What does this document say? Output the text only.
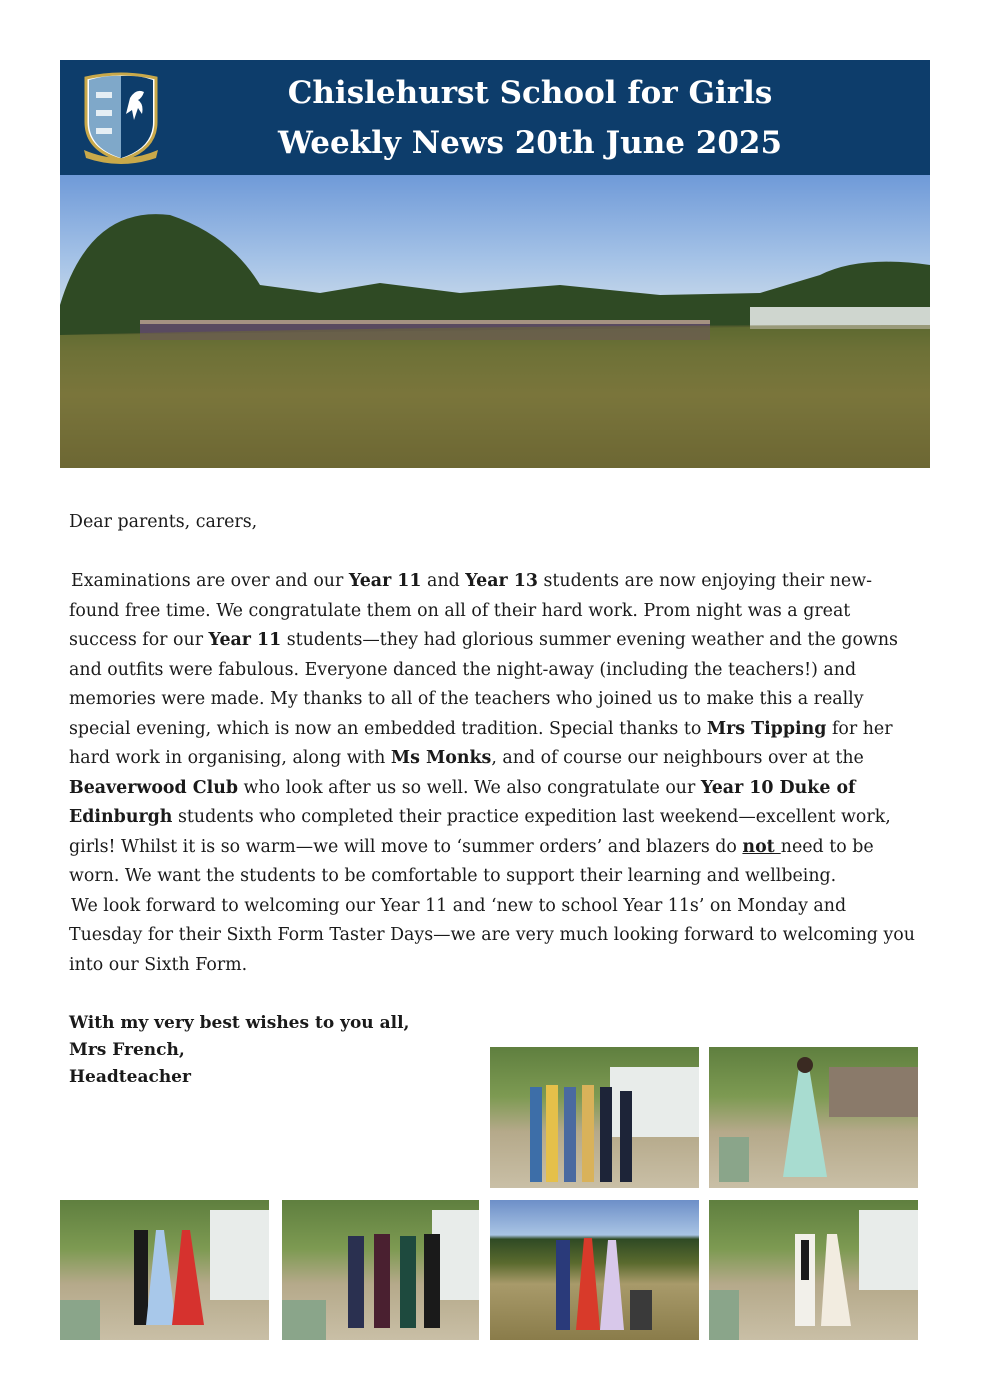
Chislehurst School for Girls
Weekly News 20th June 2025

Dear parents, carers,

Examinations are over and our Year 11 and Year 13 students are now enjoying their new-found free time. We congratulate them on all of their hard work. Prom night was a great success for our Year 11 students—they had glorious summer evening weather and the gowns and outfits were fabulous. Everyone danced the night-away (including the teachers!) and memories were made. My thanks to all of the teachers who joined us to make this a really special evening, which is now an embedded tradition. Special thanks to Mrs Tipping for her hard work in organising, along with Ms Monks, and of course our neighbours over at the Beaverwood Club who look after us so well. We also congratulate our Year 10 Duke of Edinburgh students who completed their practice expedition last weekend—excellent work, girls! Whilst it is so warm—we will move to ‘summer orders’ and blazers do not need to be worn. We want the students to be comfortable to support their learning and wellbeing.

We look forward to welcoming our Year 11 and ‘new to school Year 11s’ on Monday and Tuesday for their Sixth Form Taster Days—we are very much looking forward to welcoming you into our Sixth Form.

With my very best wishes to you all,
Mrs French,
Headteacher
